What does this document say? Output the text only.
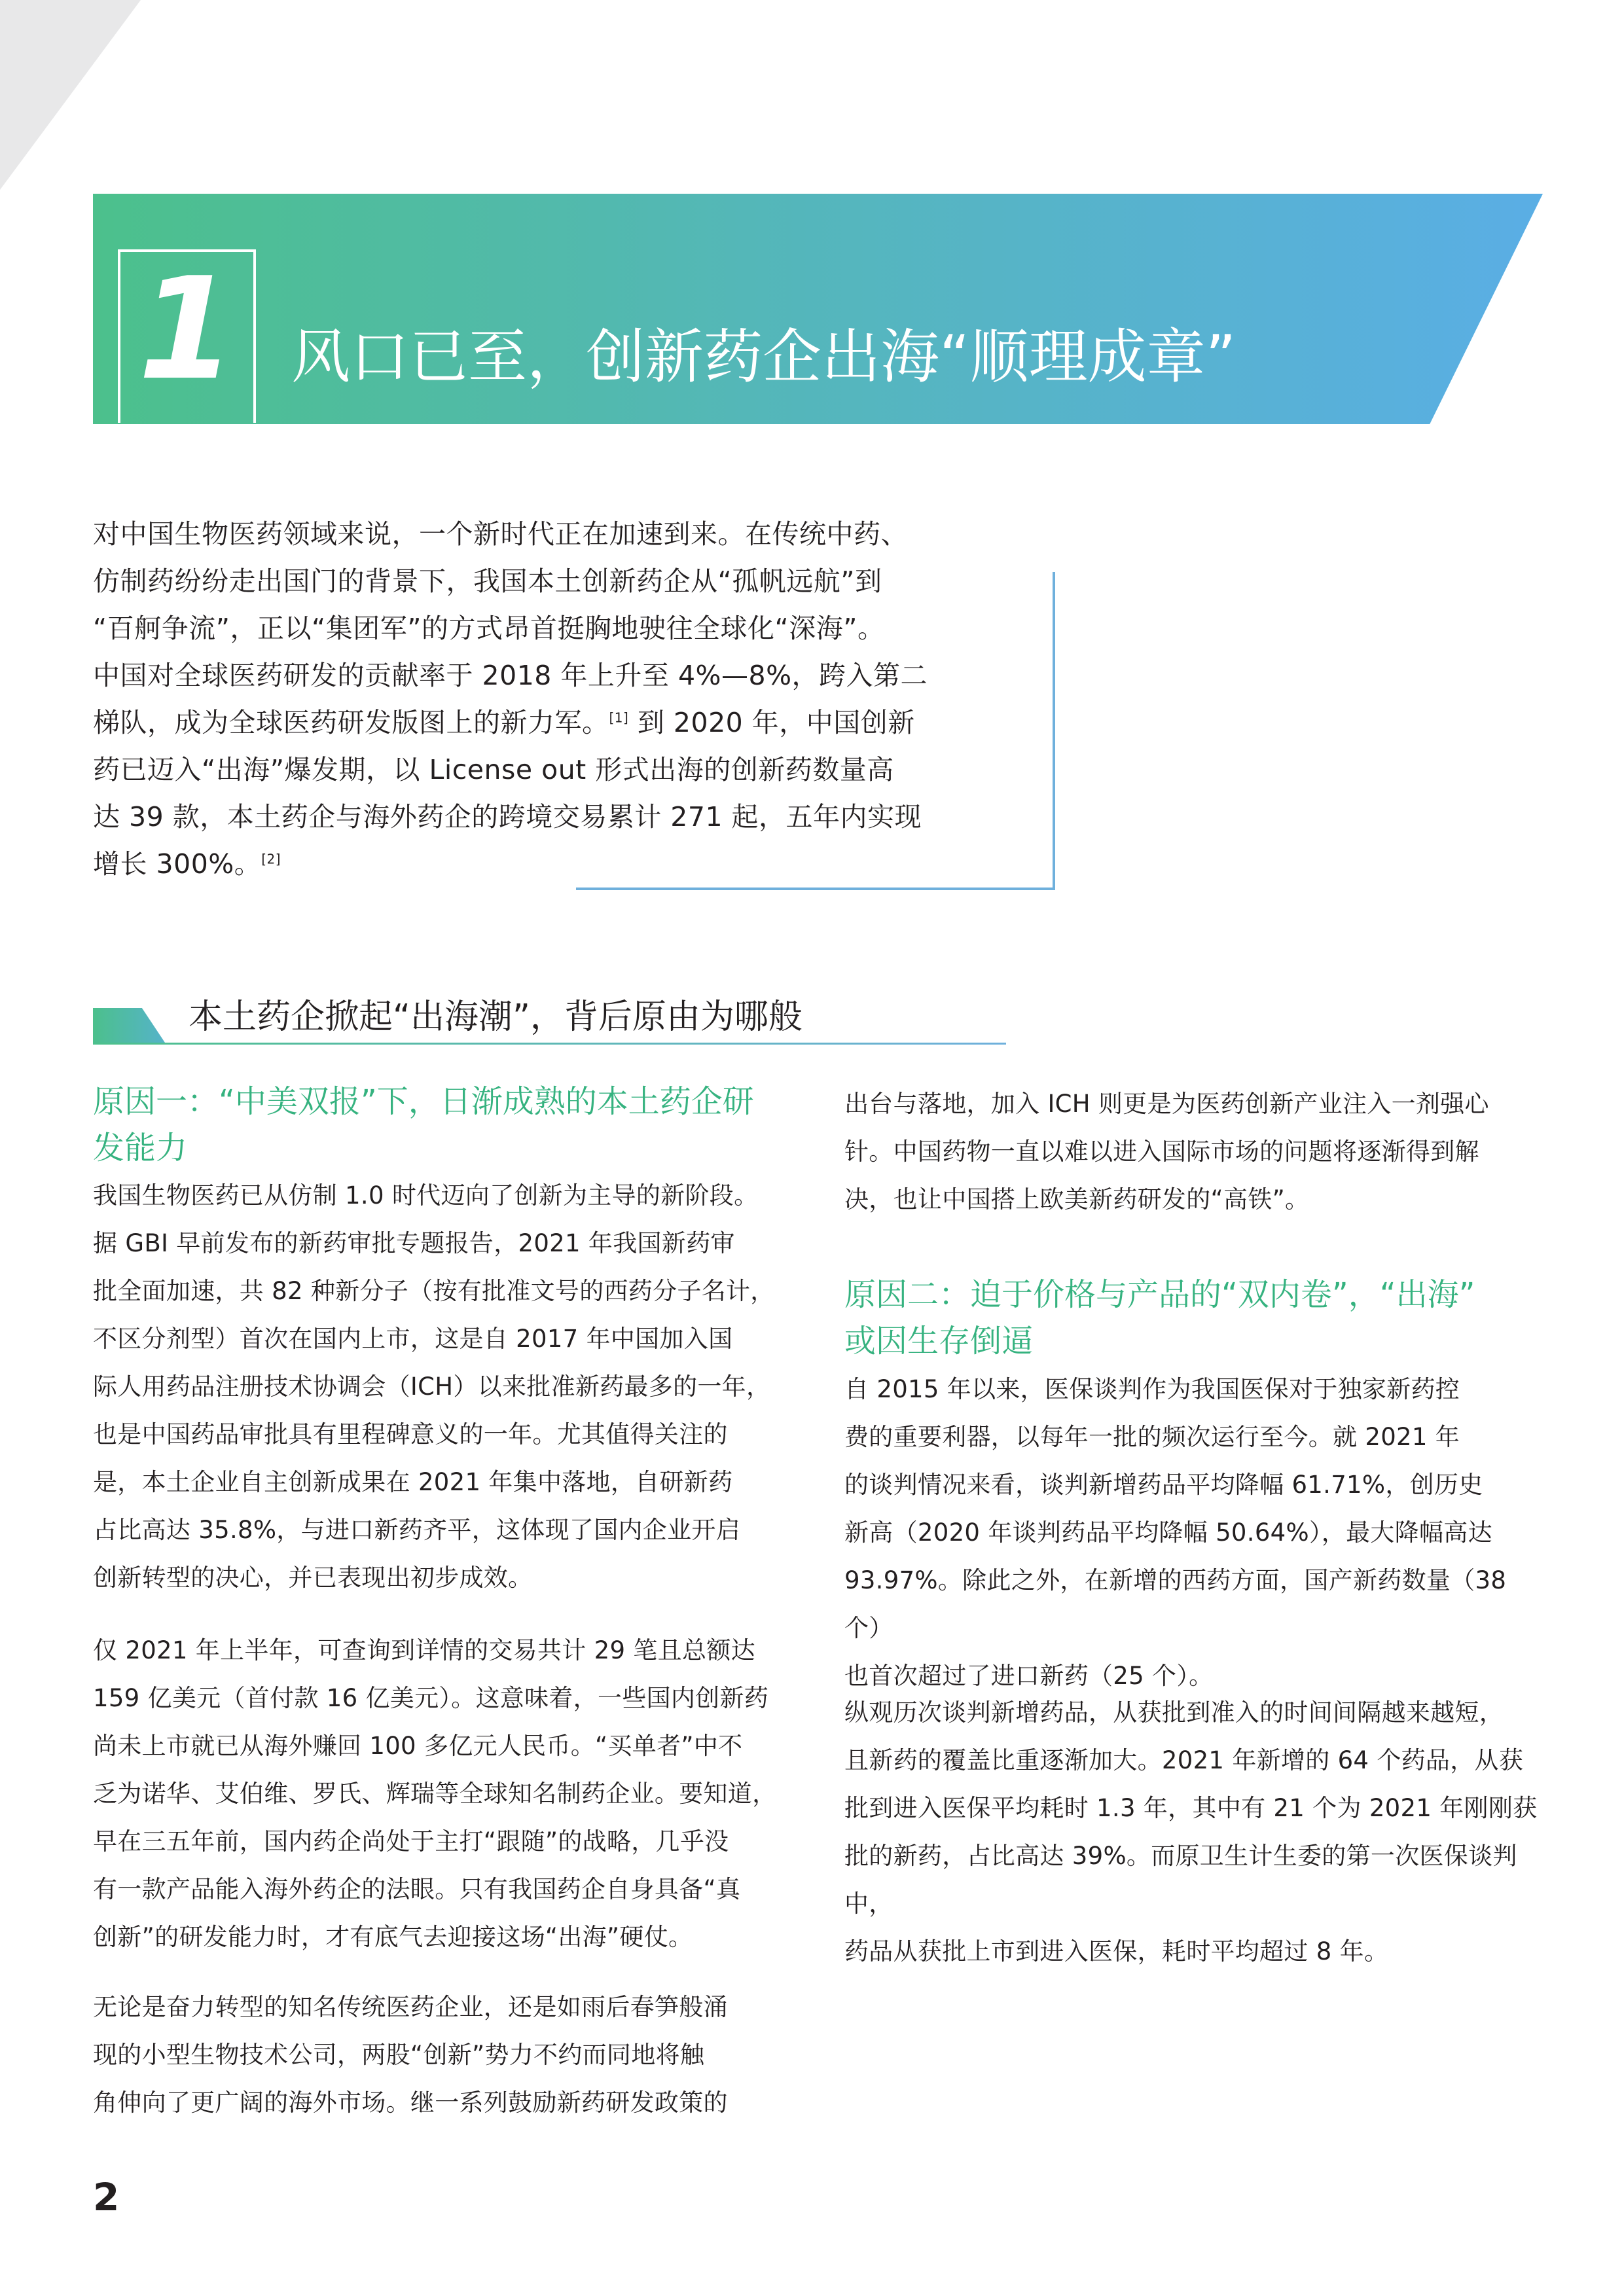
1 风口已至，创新药企出海“顺理成章”
对中国生物医药领域来说，一个新时代正在加速到来。在传统中药、
仿制药纷纷走出国门的背景下，我国本土创新药企从“孤帆远航”到
“百舸争流”，正以“集团军”的方式昂首挺胸地驶往全球化“深海”。
中国对全球医药研发的贡献率于 2018 年上升至 4%—8%，跨入第二
梯队，成为全球医药研发版图上的新力军。[1] 到 2020 年，中国创新
药已迈入“出海”爆发期，以 License out 形式出海的创新药数量高
达 39 款，本土药企与海外药企的跨境交易累计 271 起，五年内实现
增长 300%。[2]
本土药企掀起“出海潮”，背后原由为哪般
原因一：“中美双报”下，日渐成熟的本土药企研
发能力
我国生物医药已从仿制 1.0 时代迈向了创新为主导的新阶段。
据 GBI 早前发布的新药审批专题报告，2021 年我国新药审
批全面加速，共 82 种新分子（按有批准文号的西药分子名计，
不区分剂型）首次在国内上市，这是自 2017 年中国加入国
际人用药品注册技术协调会（ICH）以来批准新药最多的一年，
也是中国药品审批具有里程碑意义的一年。尤其值得关注的
是，本土企业自主创新成果在 2021 年集中落地，自研新药
占比高达 35.8%，与进口新药齐平，这体现了国内企业开启
创新转型的决心，并已表现出初步成效。
仅 2021 年上半年，可查询到详情的交易共计 29 笔且总额达
159 亿美元（首付款 16 亿美元）。这意味着，一些国内创新药
尚未上市就已从海外赚回 100 多亿元人民币。“买单者”中不
乏为诺华、艾伯维、罗氏、辉瑞等全球知名制药企业。要知道，
早在三五年前，国内药企尚处于主打“跟随”的战略，几乎没
有一款产品能入海外药企的法眼。只有我国药企自身具备“真
创新”的研发能力时，才有底气去迎接这场“出海”硬仗。
无论是奋力转型的知名传统医药企业，还是如雨后春笋般涌
现的小型生物技术公司，两股“创新”势力不约而同地将触
角伸向了更广阔的海外市场。继一系列鼓励新药研发政策的
出台与落地，加入 ICH 则更是为医药创新产业注入一剂强心
针。中国药物一直以难以进入国际市场的问题将逐渐得到解
决，也让中国搭上欧美新药研发的“高铁”。
原因二：迫于价格与产品的“双内卷”，“出海”
或因生存倒逼
自 2015 年以来，医保谈判作为我国医保对于独家新药控
费的重要利器，以每年一批的频次运行至今。就 2021 年
的谈判情况来看，谈判新增药品平均降幅 61.71%，创历史
新高（2020 年谈判药品平均降幅 50.64%），最大降幅高达
93.97%。除此之外，在新增的西药方面，国产新药数量（38 个）
也首次超过了进口新药（25 个）。
纵观历次谈判新增药品，从获批到准入的时间间隔越来越短，
且新药的覆盖比重逐渐加大。2021 年新增的 64 个药品，从获
批到进入医保平均耗时 1.3 年，其中有 21 个为 2021 年刚刚获
批的新药，占比高达 39%。而原卫生计生委的第一次医保谈判中，
药品从获批上市到进入医保，耗时平均超过 8 年。
2
